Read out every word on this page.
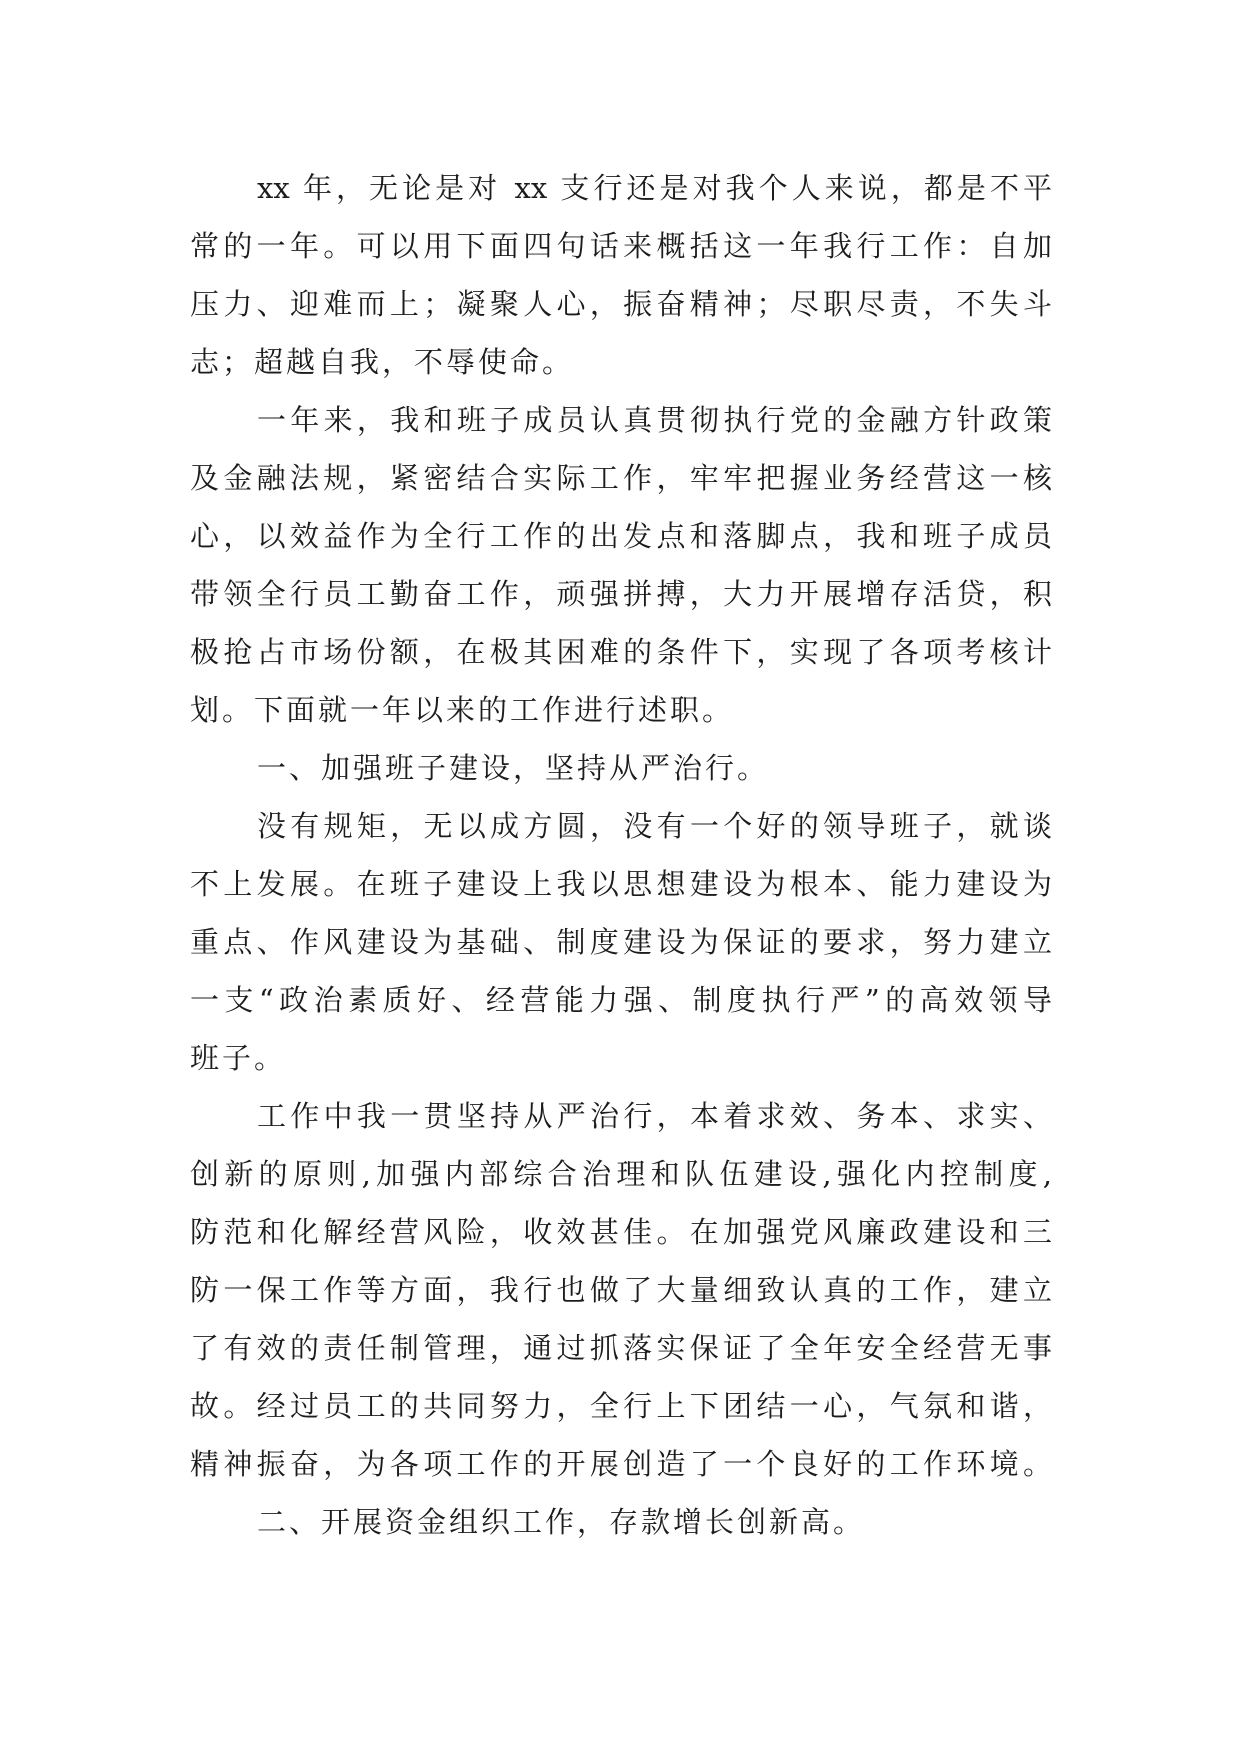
xx 年，无论是对 xx 支行还是对我个人来说，都是不平
常的一年。可以用下面四句话来概括这一年我行工作：自加
压力、迎难而上；凝聚人心，振奋精神；尽职尽责，不失斗
志；超越自我，不辱使命。
一年来，我和班子成员认真贯彻执行党的金融方针政策
及金融法规，紧密结合实际工作，牢牢把握业务经营这一核
心，以效益作为全行工作的出发点和落脚点，我和班子成员
带领全行员工勤奋工作，顽强拼搏，大力开展增存活贷，积
极抢占市场份额，在极其困难的条件下，实现了各项考核计
划。下面就一年以来的工作进行述职。
一、加强班子建设，坚持从严治行。
没有规矩，无以成方圆，没有一个好的领导班子，就谈
不上发展。在班子建设上我以思想建设为根本、能力建设为
重点、作风建设为基础、制度建设为保证的要求，努力建立
一支“政治素质好、经营能力强、制度执行严”的高效领导
班子。
工作中我一贯坚持从严治行，本着求效、务本、求实、
创新的原则,加强内部综合治理和队伍建设,强化内控制度,
防范和化解经营风险，收效甚佳。在加强党风廉政建设和三
防一保工作等方面，我行也做了大量细致认真的工作，建立
了有效的责任制管理，通过抓落实保证了全年安全经营无事
故。经过员工的共同努力，全行上下团结一心，气氛和谐，
精神振奋，为各项工作的开展创造了一个良好的工作环境。
二、开展资金组织工作，存款增长创新高。
